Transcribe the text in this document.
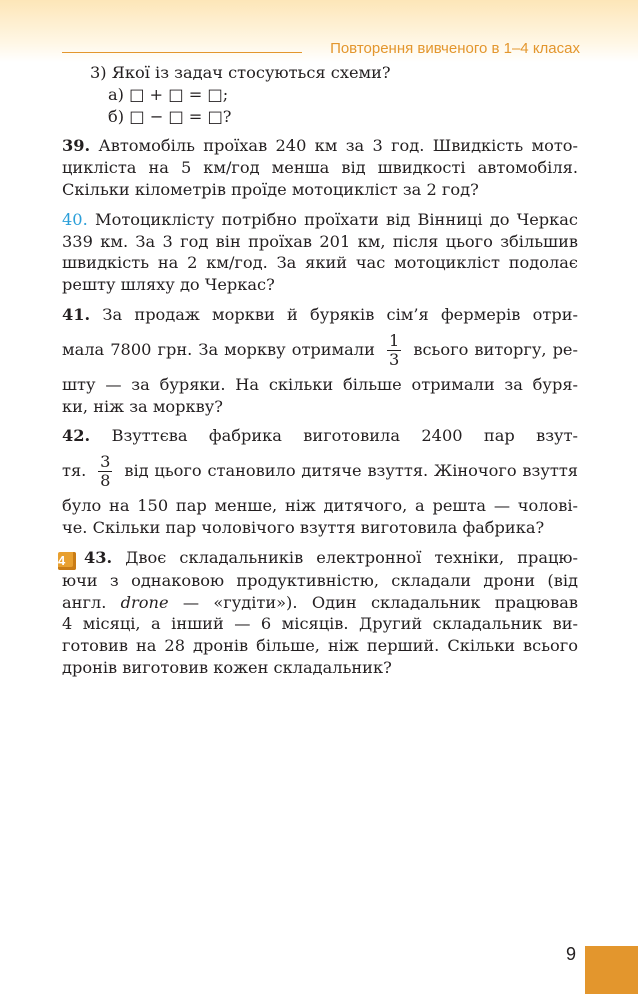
Повторення вивченого в 1–4 класах
3) Якої із задач стосуються схеми?
а) □ + □ = □;
б) □ − □ = □?
39. Автомобіль проїхав 240 км за 3 год. Швидкість мото-
цикліста на 5 км/год менша від швидкості автомобіля.
Скільки кілометрів проїде мотоцикліст за 2 год?
40. Мотоциклісту потрібно проїхати від Вінниці до Черкас
339 км. За 3 год він проїхав 201 км, після цього збільшив
швидкість на 2 км/год. За який час мотоцикліст подолає
решту шляху до Черкас?
41. За продаж моркви й буряків сім’я фермерів отри-
мала 7800 грн. За моркву отримали $\frac{1}{3}$ всього виторгу, ре-
шту — за буряки. На скільки більше отримали за буря-
ки, ніж за моркву?
42. Взуттєва фабрика виготовила 2400 пар взут-
тя. $\frac{3}{8}$ від цього становило дитяче взуття. Жіночого взуття
було на 150 пар менше, ніж дитячого, а решта — чолові-
че. Скільки пар чоловічого взуття виготовила фабрика?
4 43. Двоє складальників електронної техніки, працю-
ючи з однаковою продуктивністю, складали дрони (від
англ. drone — «гудіти»). Один складальник працював
4 місяці, а інший — 6 місяців. Другий складальник ви-
готовив на 28 дронів більше, ніж перший. Скільки всього
дронів виготовив кожен складальник?
9
